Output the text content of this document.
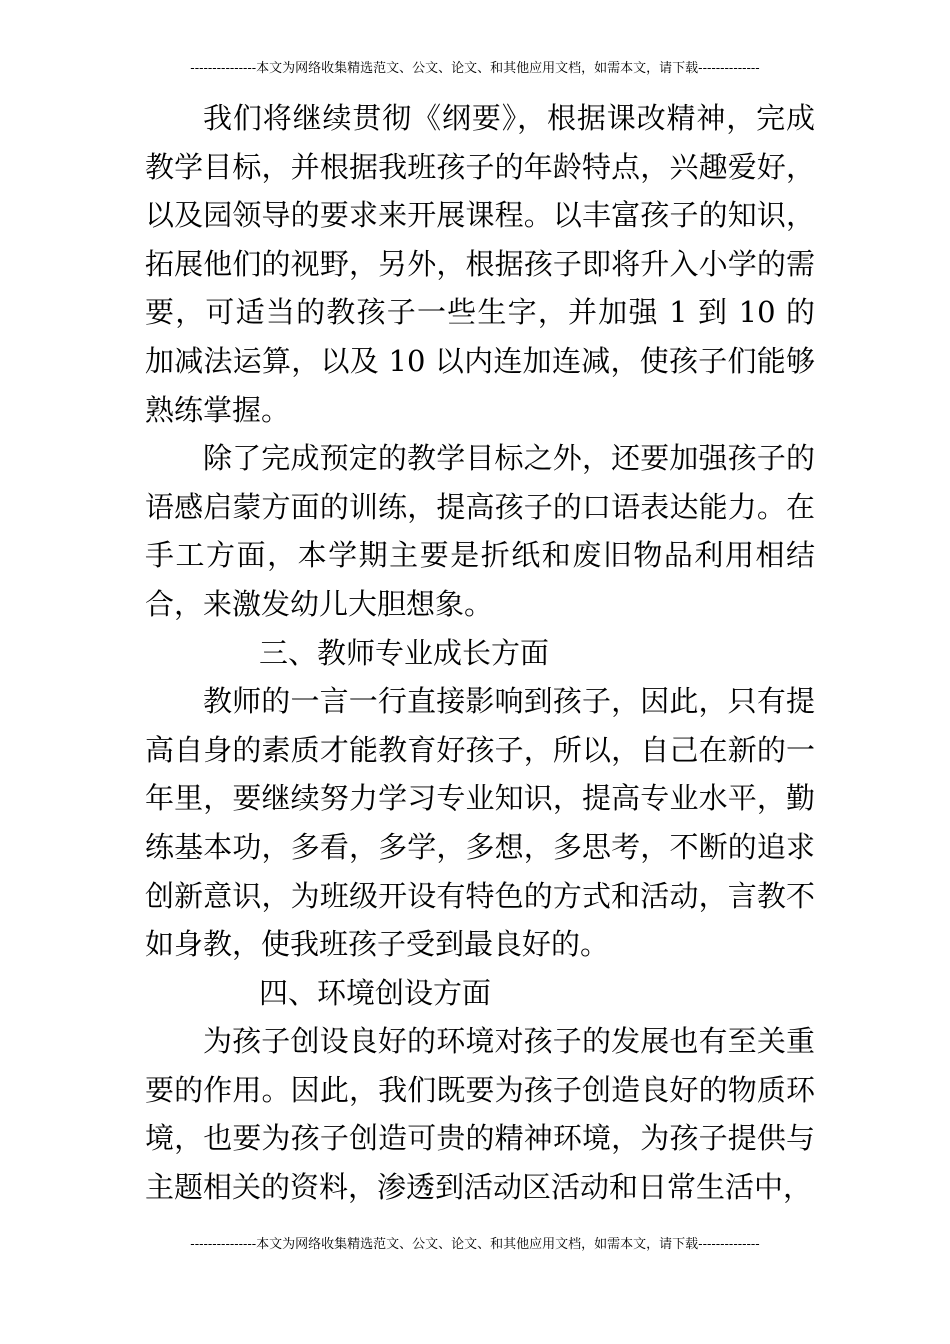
---------------本文为网络收集精选范文、公文、论文、和其他应用文档，如需本文，请下载--------------

我们将继续贯彻《纲要》，根据课改精神，完成教学目标，并根据我班孩子的年龄特点，兴趣爱好，以及园领导的要求来开展课程。以丰富孩子的知识，拓展他们的视野，另外，根据孩子即将升入小学的需要，可适当的教孩子一些生字，并加强 1 到 10 的加减法运算，以及 10 以内连加连减，使孩子们能够熟练掌握。

除了完成预定的教学目标之外，还要加强孩子的语感启蒙方面的训练，提高孩子的口语表达能力。在手工方面，本学期主要是折纸和废旧物品利用相结合，来激发幼儿大胆想象。

三、教师专业成长方面

教师的一言一行直接影响到孩子，因此，只有提高自身的素质才能教育好孩子，所以，自己在新的一年里，要继续努力学习专业知识，提高专业水平，勤练基本功，多看，多学，多想，多思考，不断的追求创新意识，为班级开设有特色的方式和活动，言教不如身教，使我班孩子受到最良好的。

四、环境创设方面

为孩子创设良好的环境对孩子的发展也有至关重要的作用。因此，我们既要为孩子创造良好的物质环境，也要为孩子创造可贵的精神环境，为孩子提供与主题相关的资料，渗透到活动区活动和日常生活中，

---------------本文为网络收集精选范文、公文、论文、和其他应用文档，如需本文，请下载--------------
